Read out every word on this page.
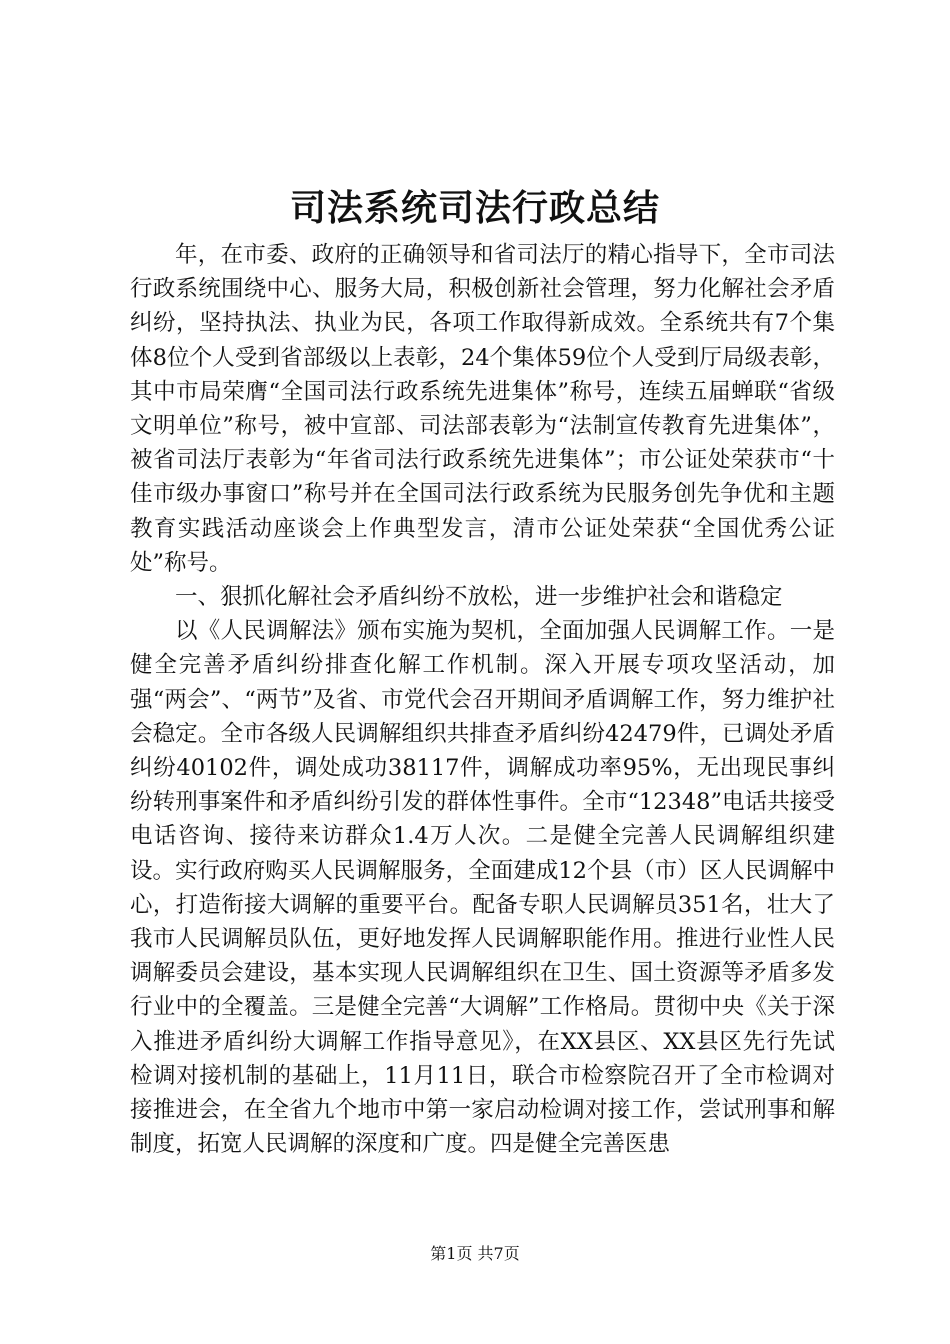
司法系统司法行政总结

年，在市委、政府的正确领导和省司法厅的精心指导下，全市司法行政系统围绕中心、服务大局，积极创新社会管理，努力化解社会矛盾纠纷，坚持执法、执业为民，各项工作取得新成效。全系统共有7个集体8位个人受到省部级以上表彰，24个集体59位个人受到厅局级表彰，其中市局荣膺“全国司法行政系统先进集体”称号，连续五届蝉联“省级文明单位”称号，被中宣部、司法部表彰为“法制宣传教育先进集体”，被省司法厅表彰为“年省司法行政系统先进集体”；市公证处荣获市“十佳市级办事窗口”称号并在全国司法行政系统为民服务创先争优和主题教育实践活动座谈会上作典型发言，清市公证处荣获“全国优秀公证处”称号。

一、狠抓化解社会矛盾纠纷不放松，进一步维护社会和谐稳定

以《人民调解法》颁布实施为契机，全面加强人民调解工作。一是健全完善矛盾纠纷排查化解工作机制。深入开展专项攻坚活动，加强“两会”、“两节”及省、市党代会召开期间矛盾调解工作，努力维护社会稳定。全市各级人民调解组织共排查矛盾纠纷42479件，已调处矛盾纠纷40102件，调处成功38117件，调解成功率95%，无出现民事纠纷转刑事案件和矛盾纠纷引发的群体性事件。全市“12348”电话共接受电话咨询、接待来访群众1.4万人次。二是健全完善人民调解组织建设。实行政府购买人民调解服务，全面建成12个县（市）区人民调解中心，打造衔接大调解的重要平台。配备专职人民调解员351名，壮大了我市人民调解员队伍，更好地发挥人民调解职能作用。推进行业性人民调解委员会建设，基本实现人民调解组织在卫生、国土资源等矛盾多发行业中的全覆盖。三是健全完善“大调解”工作格局。贯彻中央《关于深入推进矛盾纠纷大调解工作指导意见》，在XX县区、XX县区先行先试检调对接机制的基础上，11月11日，联合市检察院召开了全市检调对接推进会，在全省九个地市中第一家启动检调对接工作，尝试刑事和解制度，拓宽人民调解的深度和广度。四是健全完善医患

第1页 共7页
